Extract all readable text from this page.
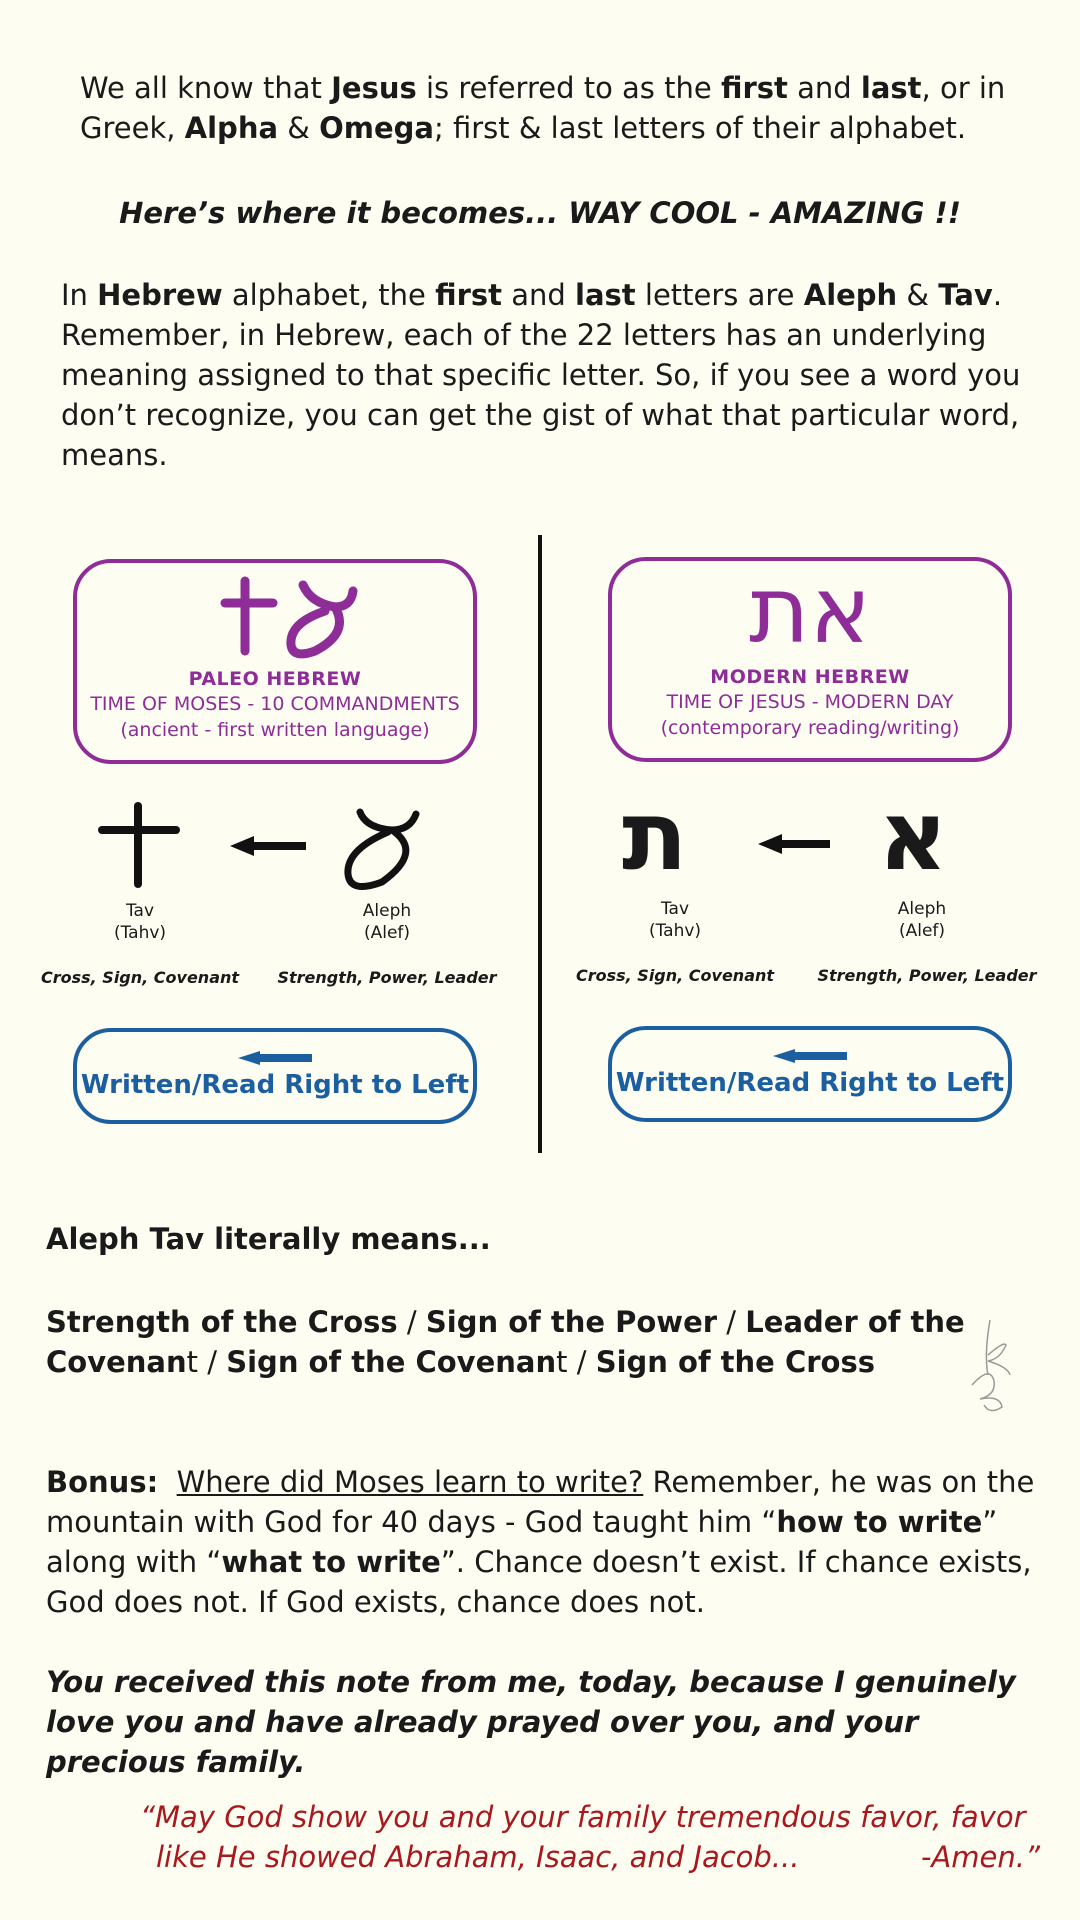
We all know that Jesus is referred to as the first and last, or in Greek, Alpha & Omega; first & last letters of their alphabet.
Here’s where it becomes... WAY COOL - AMAZING !!
In Hebrew alphabet, the first and last letters are Aleph & Tav. Remember, in Hebrew, each of the 22 letters has an underlying meaning assigned to that specific letter. So, if you see a word you don’t recognize, you can get the gist of what that particular word, means.
PALEO HEBREW
TIME OF MOSES - 10 COMMANDMENTS
(ancient - first written language)
את
MODERN HEBREW
TIME OF JESUS - MODERN DAY
(contemporary reading/writing)
Tav
(Tahv)
Aleph
(Alef)
Cross, Sign, Covenant	Strength, Power, Leader
ת א
Tav
(Tahv)
Aleph
(Alef)
Cross, Sign, Covenant	Strength, Power, Leader
Written/Read Right to Left	Written/Read Right to Left
Aleph Tav literally means...
Strength of the Cross / Sign of the Power / Leader of the Covenant / Sign of the Covenant / Sign of the Cross
Bonus: Where did Moses learn to write? Remember, he was on the mountain with God for 40 days - God taught him “how to write” along with “what to write”. Chance doesn’t exist. If chance exists, God does not. If God exists, chance does not.
You received this note from me, today, because I genuinely love you and have already prayed over you, and your precious family.
“May God show you and your family tremendous favor, favor
like He showed Abraham, Isaac, and Jacob...	-Amen.”
